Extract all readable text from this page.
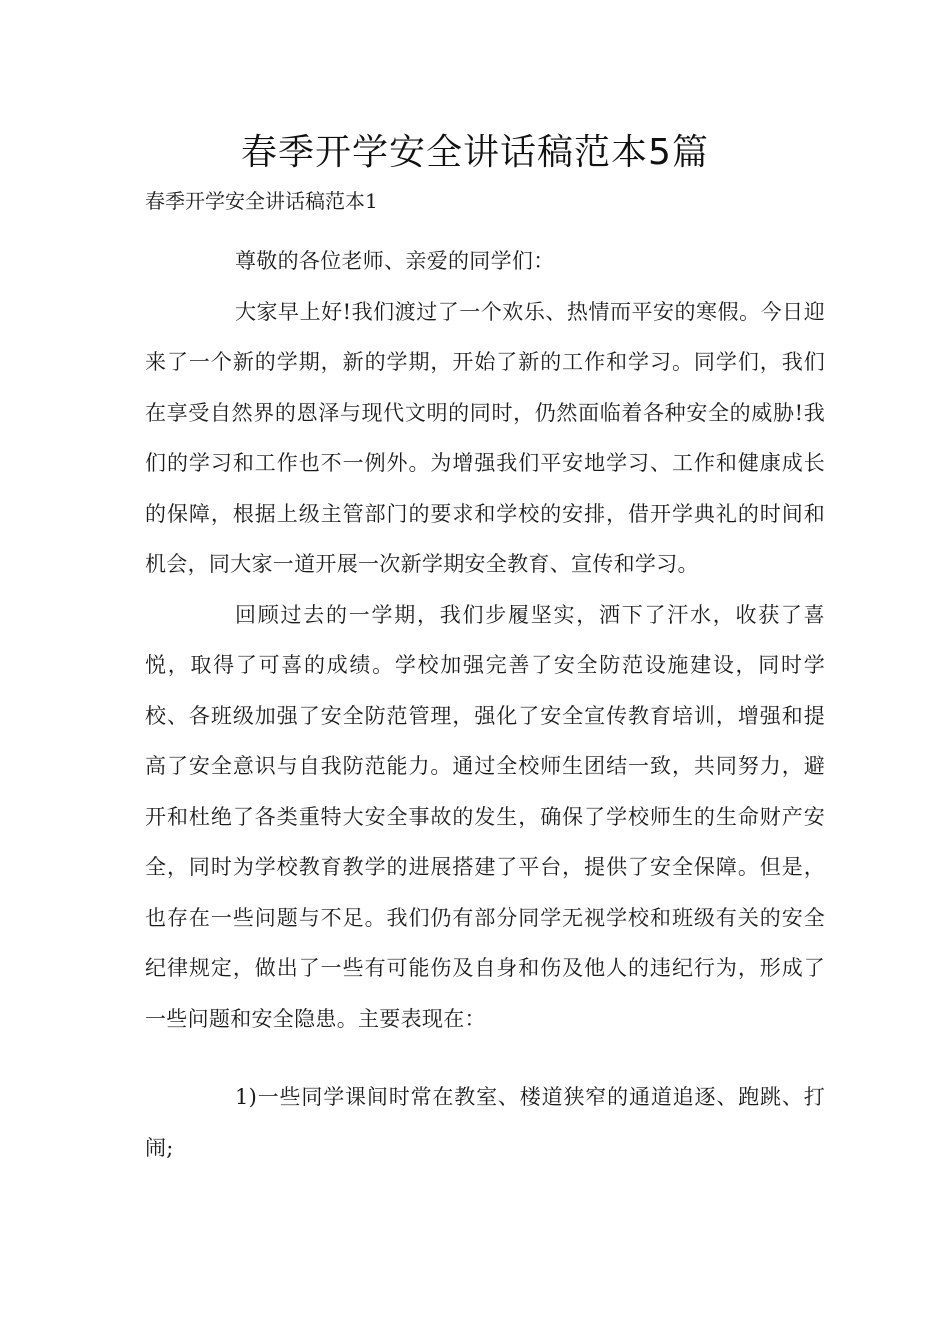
春季开学安全讲话稿范本5篇

春季开学安全讲话稿范本1

尊敬的各位老师、亲爱的同学们：

大家早上好!我们渡过了一个欢乐、热情而平安的寒假。今日迎来了一个新的学期，新的学期，开始了新的工作和学习。同学们，我们在享受自然界的恩泽与现代文明的同时，仍然面临着各种安全的威胁!我们的学习和工作也不一例外。为增强我们平安地学习、工作和健康成长的保障，根据上级主管部门的要求和学校的安排，借开学典礼的时间和机会，同大家一道开展一次新学期安全教育、宣传和学习。

回顾过去的一学期，我们步履坚实，洒下了汗水，收获了喜悦，取得了可喜的成绩。学校加强完善了安全防范设施建设，同时学校、各班级加强了安全防范管理，强化了安全宣传教育培训，增强和提高了安全意识与自我防范能力。通过全校师生团结一致，共同努力，避开和杜绝了各类重特大安全事故的发生，确保了学校师生的生命财产安全，同时为学校教育教学的进展搭建了平台，提供了安全保障。但是，也存在一些问题与不足。我们仍有部分同学无视学校和班级有关的安全纪律规定，做出了一些有可能伤及自身和伤及他人的违纪行为，形成了一些问题和安全隐患。主要表现在：

1)一些同学课间时常在教室、楼道狭窄的通道追逐、跑跳、打闹;
